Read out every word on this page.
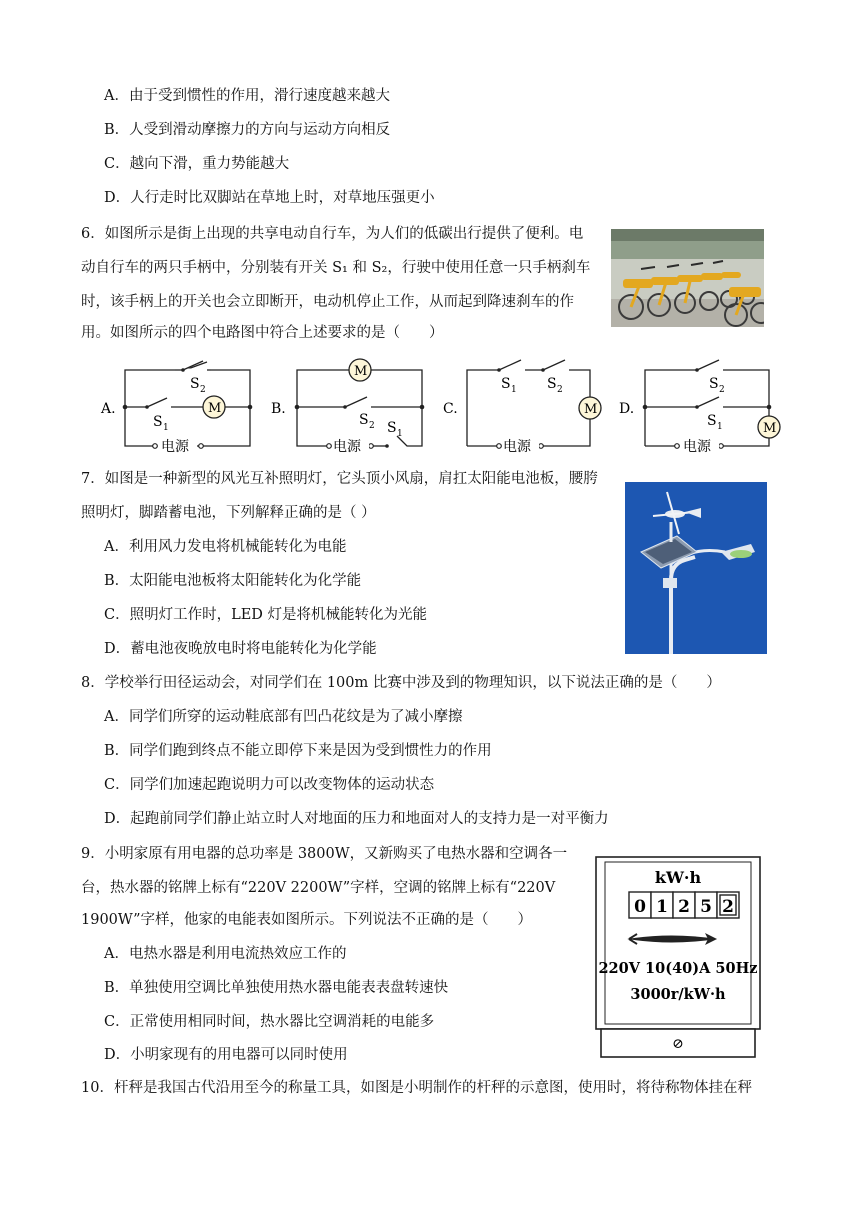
A．由于受到惯性的作用，滑行速度越来越大
B．人受到滑动摩擦力的方向与运动方向相反
C．越向下滑，重力势能越大
D．人行走时比双脚站在草地上时，对草地压强更小
6．如图所示是街上出现的共享电动自行车，为人们的低碳出行提供了便利。电
动自行车的两只手柄中，分别装有开关 S₁ 和 S₂，行驶中使用任意一只手柄刹车
时，该手柄上的开关也会立即断开，电动机停止工作，从而起到降速刹车的作
用。如图所示的四个电路图中符合上述要求的是（　　）
A.	M
S 2
S 1
电源
B.
M
S 2 S 1
电源
C.	M
S 1 S 2
电源
D.
M
S 2
S 1
电源
7．如图是一种新型的风光互补照明灯，它头顶小风扇，肩扛太阳能电池板，腰胯
照明灯，脚踏蓄电池，下列解释正确的是（ ）
A．利用风力发电将机械能转化为电能
B．太阳能电池板将太阳能转化为化学能
C．照明灯工作时，LED 灯是将机械能转化为光能
D．蓄电池夜晚放电时将电能转化为化学能
8．学校举行田径运动会，对同学们在 100m 比赛中涉及到的物理知识，以下说法正确的是（　　）
A．同学们所穿的运动鞋底部有凹凸花纹是为了减小摩擦
B．同学们跑到终点不能立即停下来是因为受到惯性力的作用
C．同学们加速起跑说明力可以改变物体的运动状态
D．起跑前同学们静止站立时人对地面的压力和地面对人的支持力是一对平衡力
9．小明家原有用电器的总功率是 3800W，又新购买了电热水器和空调各一
台，热水器的铭牌上标有“220V 2200W”字样，空调的铭牌上标有“220V
1900W”字样，他家的电能表如图所示。下列说法不正确的是（　　）
A．电热水器是利用电流热效应工作的
B．单独使用空调比单独使用热水器电能表表盘转速快
C．正常使用相同时间，热水器比空调消耗的电能多
D．小明家现有的用电器可以同时使用
kW·h
0 1 2 5 2
220V 10(40)A 50Hz
3000r/kW·h
⊘
10．杆秤是我国古代沿用至今的称量工具，如图是小明制作的杆秤的示意图，使用时，将待称物体挂在秤
